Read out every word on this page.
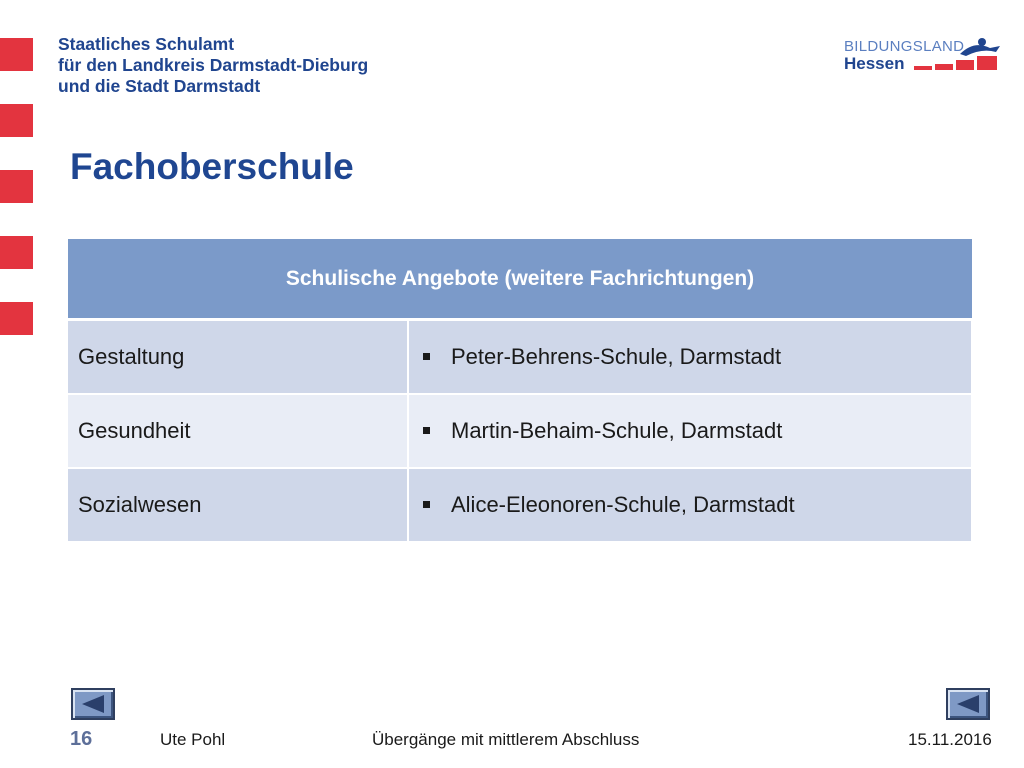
Staatliches Schulamt
für den Landkreis Darmstadt-Dieburg
und die Stadt Darmstadt
BILDUNGSLAND
Hessen
Fachoberschule
Schulische Angebote (weitere Fachrichtungen)	
Gestaltung	Peter-Behrens-Schule, Darmstadt
Gesundheit	Martin-Behaim-Schule, Darmstadt
Sozialwesen	Alice-Eleonoren-Schule, Darmstadt
16	Ute Pohl	Übergänge mit mittlerem Abschluss	15.11.2016
